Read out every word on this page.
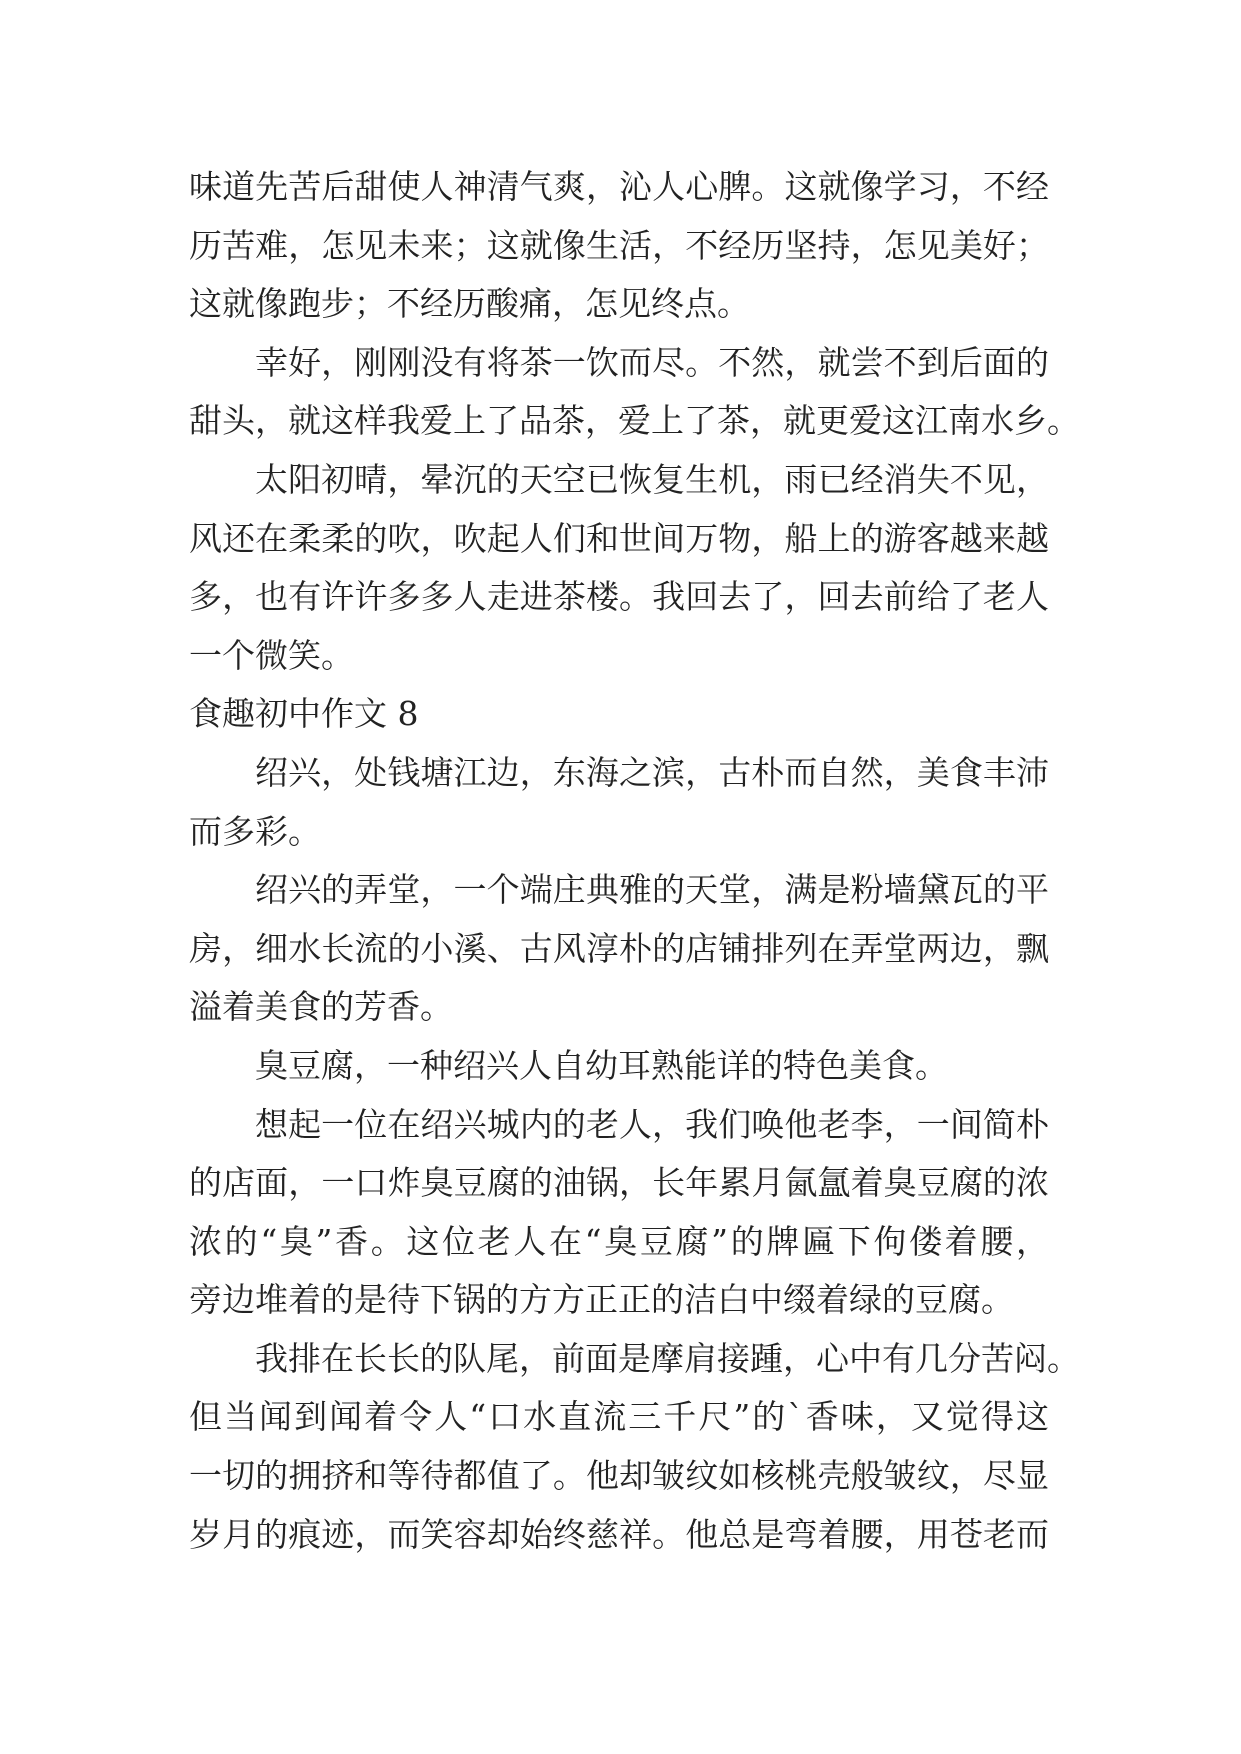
味道先苦后甜使人神清气爽，沁人心脾。这就像学习，不经
历苦难，怎见未来；这就像生活，不经历坚持，怎见美好；
这就像跑步；不经历酸痛，怎见终点。
幸好，刚刚没有将茶一饮而尽。不然，就尝不到后面的
甜头，就这样我爱上了品茶，爱上了茶，就更爱这江南水乡。
太阳初晴，晕沉的天空已恢复生机，雨已经消失不见，
风还在柔柔的吹，吹起人们和世间万物，船上的游客越来越
多，也有许许多多人走进茶楼。我回去了，回去前给了老人
一个微笑。
食趣初中作文 8
绍兴，处钱塘江边，东海之滨，古朴而自然，美食丰沛
而多彩。
绍兴的弄堂，一个端庄典雅的天堂，满是粉墙黛瓦的平
房，细水长流的小溪、古风淳朴的店铺排列在弄堂两边，飘
溢着美食的芳香。
臭豆腐，一种绍兴人自幼耳熟能详的特色美食。
想起一位在绍兴城内的老人，我们唤他老李，一间简朴
的店面，一口炸臭豆腐的油锅，长年累月氤氲着臭豆腐的浓
浓的“臭”香。这位老人在“臭豆腐”的牌匾下佝偻着腰，
旁边堆着的是待下锅的方方正正的洁白中缀着绿的豆腐。
我排在长长的队尾，前面是摩肩接踵，心中有几分苦闷。
但当闻到闻着令人“口水直流三千尺”的`香味，又觉得这
一切的拥挤和等待都值了。他却皱纹如核桃壳般皱纹，尽显
岁月的痕迹，而笑容却始终慈祥。他总是弯着腰，用苍老而
